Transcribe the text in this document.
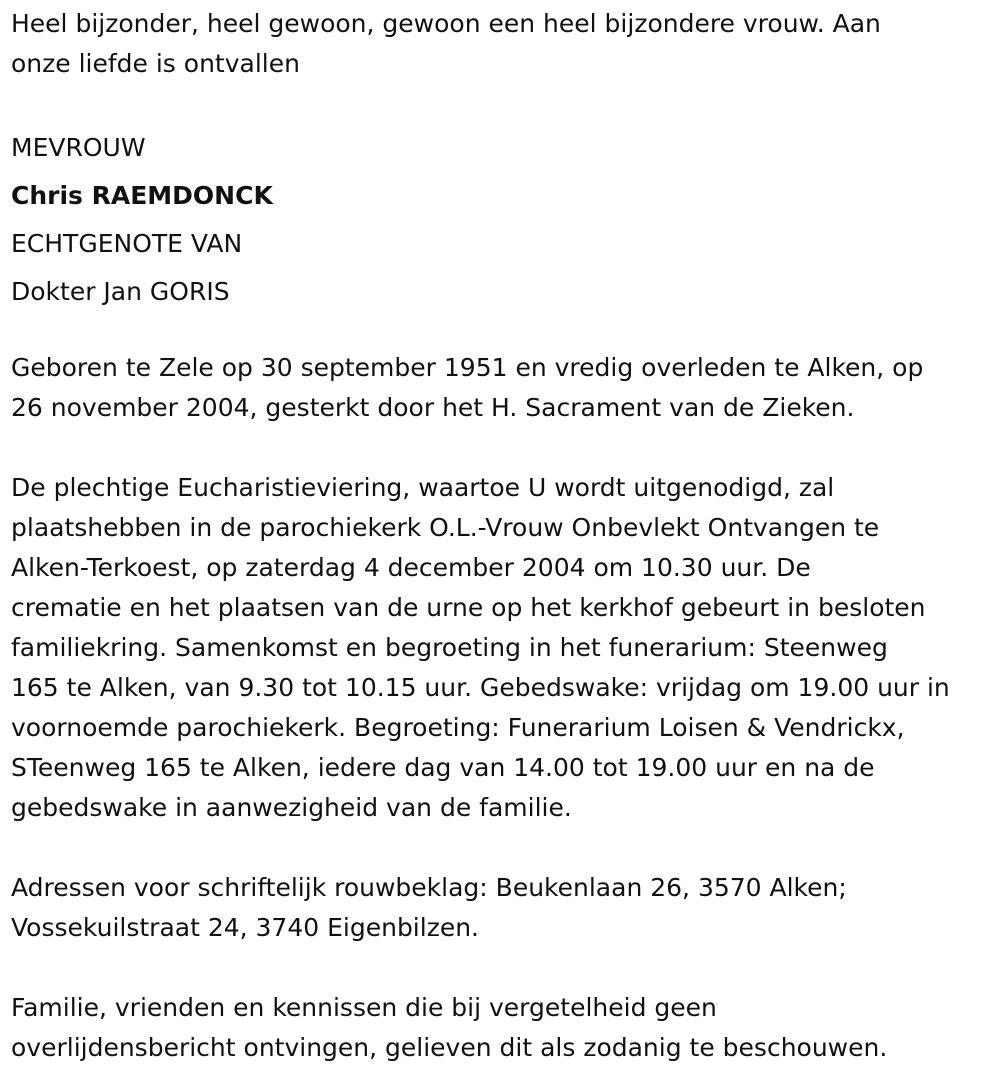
Heel bijzonder, heel gewoon, gewoon een heel bijzondere vrouw. Aan
onze liefde is ontvallen
MEVROUW
Chris RAEMDONCK
ECHTGENOTE VAN
Dokter Jan GORIS
Geboren te Zele op 30 september 1951 en vredig overleden te Alken, op
26 november 2004, gesterkt door het H. Sacrament van de Zieken.
De plechtige Eucharistieviering, waartoe U wordt uitgenodigd, zal
plaatshebben in de parochiekerk O.L.-Vrouw Onbevlekt Ontvangen te
Alken-Terkoest, op zaterdag 4 december 2004 om 10.30 uur. De
crematie en het plaatsen van de urne op het kerkhof gebeurt in besloten
familiekring. Samenkomst en begroeting in het funerarium: Steenweg
165 te Alken, van 9.30 tot 10.15 uur. Gebedswake: vrijdag om 19.00 uur in
voornoemde parochiekerk. Begroeting: Funerarium Loisen & Vendrickx,
STeenweg 165 te Alken, iedere dag van 14.00 tot 19.00 uur en na de
gebedswake in aanwezigheid van de familie.
Adressen voor schriftelijk rouwbeklag: Beukenlaan 26, 3570 Alken;
Vossekuilstraat 24, 3740 Eigenbilzen.
Familie, vrienden en kennissen die bij vergetelheid geen
overlijdensbericht ontvingen, gelieven dit als zodanig te beschouwen.
